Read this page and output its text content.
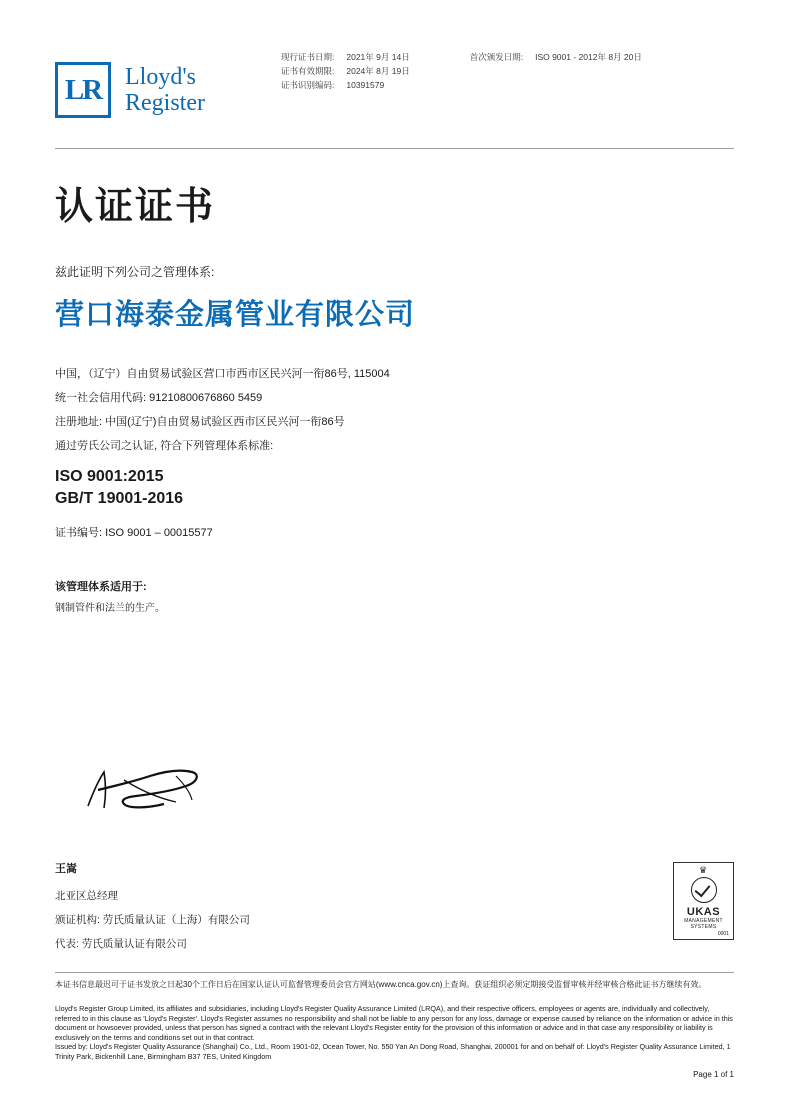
LR Lloyd's
Register
现行证书日期:
证书有效期限:
证书识别编码:
2021年 9月 14日
2024年 8月 19日
10391579
首次颁发日期: ISO 9001 - 2012年 8月 20日
认证证书
兹此证明下列公司之管理体系:
营口海泰金属管业有限公司
中国，（辽宁）自由贸易试验区营口市西市区民兴河一衔86号, 115004
统一社会信用代码: 91210800676860 5459
注册地址: 中国(辽宁)自由贸易试验区西市区民兴河一衔86号
通过劳氏公司之认证, 符合下列管理体系标准:
ISO 9001:2015
GB/T 19001-2016
证书编号: ISO 9001 – 00015577
该管理体系适用于:
钢制管件和法兰的生产。
王嵩
北亚区总经理
颁证机构: 劳氏质量认证（上海）有限公司
代表: 劳氏质量认证有限公司
♛
UKAS
MANAGEMENT
SYSTEMS
0001
本证书信息最迟可于证书发放之日起30个工作日后在国家认证认可监督管理委员会官方网站(www.cnca.gov.cn)上查询。获证组织必须定期接受监督审核并经审核合格此证书方继续有效。
Lloyd's Register Group Limited, its affiliates and subsidiaries, including Lloyd's Register Quality Assurance Limited (LRQA), and their respective officers, employees or agents are, individually and collectively, referred to in this clause as 'Lloyd's Register'. Lloyd's Register assumes no responsibility and shall not be liable to any person for any loss, damage or expense caused by reliance on the information or advice in this document or howsoever provided, unless that person has signed a contract with the relevant Lloyd's Register entity for the provision of this information or advice and in that case any responsibility or liability is exclusively on the terms and conditions set out in that contract.
Issued by: Lloyd's Register Quality Assurance (Shanghai) Co., Ltd., Room 1901-02, Ocean Tower, No. 550 Yan An Dong Road, Shanghai, 200001 for and on behalf of: Lloyd's Register Quality Assurance Limited, 1 Trinity Park, Bickenhill Lane, Birmingham B37 7ES, United Kingdom
Page 1 of 1
